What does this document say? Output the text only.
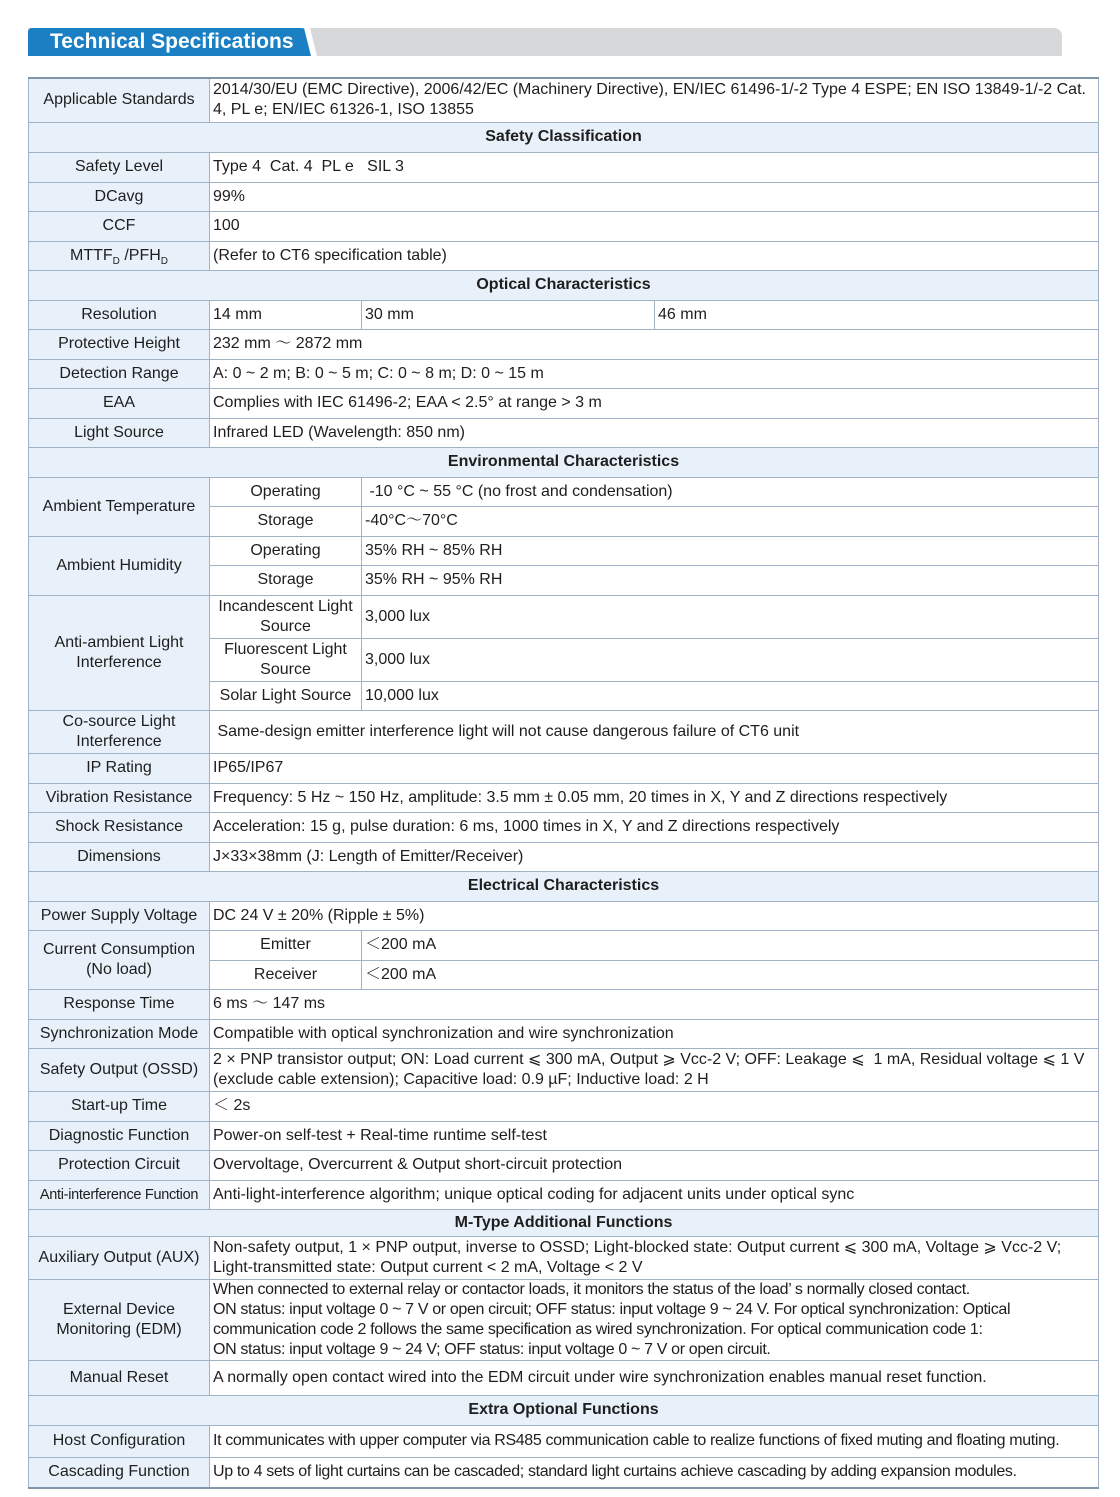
Technical Specifications
Applicable Standards	2014/30/EU (EMC Directive), 2006/42/EC (Machinery Directive), EN/IEC 61496-1/-2 Type 4 ESPE; EN ISO 13849-1/-2 Cat. 4, PL e; EN/IEC 61326-1, ISO 13855		
Safety Classification			
Safety Level	Type 4  Cat. 4  PL e   SIL 3		
DCavg	99%		
CCF	100		
$MTTF_D$ $/PFH_D$	(Refer to CT6 specification table)		
Optical Characteristics			
Resolution	14 mm	30 mm	46 mm
Protective Height	232 mm ～ 2872 mm		
Detection Range	A: 0 ~ 2 m; B: 0 ~ 5 m; C: 0 ~ 8 m; D: 0 ~ 15 m		
EAA	Complies with IEC 61496-2; EAA < 2.5° at range > 3 m		
Light Source	Infrared LED (Wavelength: 850 nm)		
Environmental Characteristics			
Ambient Temperature	Operating	-10 °C ~ 55 °C (no frost and condensation)	
	Storage	-40°C～70°C	
Ambient Humidity	Operating	35% RH ~ 85% RH	
	Storage	35% RH ~ 95% RH	
Anti-ambient Light Interference	Incandescent Light Source	3,000 lux	
	Fluorescent Light Source	3,000 lux	
	Solar Light Source	10,000 lux	
Co-source Light Interference	Same-design emitter interference light will not cause dangerous failure of CT6 unit		
IP Rating	IP65/IP67		
Vibration Resistance	Frequency: 5 Hz ~ 150 Hz, amplitude: 3.5 mm ± 0.05 mm, 20 times in X, Y and Z directions respectively		
Shock Resistance	Acceleration: 15 g, pulse duration: 6 ms, 1000 times in X, Y and Z directions respectively		
Dimensions	J×33×38mm (J: Length of Emitter/Receiver)		
Electrical Characteristics			
Power Supply Voltage	DC 24 V ± 20% (Ripple ± 5%)		
Current Consumption (No load)	Emitter	＜200 mA	
	Receiver	＜200 mA	
Response Time	6 ms ～ 147 ms		
Synchronization Mode	Compatible with optical synchronization and wire synchronization		
Safety Output (OSSD)	2 × PNP transistor output; ON: Load current ⩽ 300 mA, Output ⩾ Vcc-2 V; OFF: Leakage ⩽  1 mA, Residual voltage ⩽ 1 V (exclude cable extension); Capacitive load: 0.9 µF; Inductive load: 2 H		
Start-up Time	＜ 2s		
Diagnostic Function	Power-on self-test + Real-time runtime self-test		
Protection Circuit	Overvoltage, Overcurrent & Output short-circuit protection		
Anti-interference Function	Anti-light-interference algorithm; unique optical coding for adjacent units under optical sync		
M-Type Additional Functions			
Auxiliary Output (AUX)	Non-safety output, 1 × PNP output, inverse to OSSD; Light-blocked state: Output current ⩽ 300 mA, Voltage ⩾ Vcc-2 V; Light-transmitted state: Output current < 2 mA, Voltage < 2 V		
External Device Monitoring (EDM)	When connected to external relay or contactor loads, it monitors the status of the load’ s normally closed contact.
ON status: input voltage 0 ~ 7 V or open circuit; OFF status: input voltage 9 ~ 24 V. For optical synchronization: Optical communication code 2 follows the same specification as wired synchronization. For optical communication code 1:
ON status: input voltage 9 ~ 24 V; OFF status: input voltage 0 ~ 7 V or open circuit.		

Manual Reset	A normally open contact wired into the EDM circuit under wire synchronization enables manual reset function.		
Extra Optional Functions			
Host Configuration	It communicates with upper computer via RS485 communication cable to realize functions of fixed muting and floating muting.		
Cascading Function	Up to 4 sets of light curtains can be cascaded; standard light curtains achieve cascading by adding expansion modules.		
